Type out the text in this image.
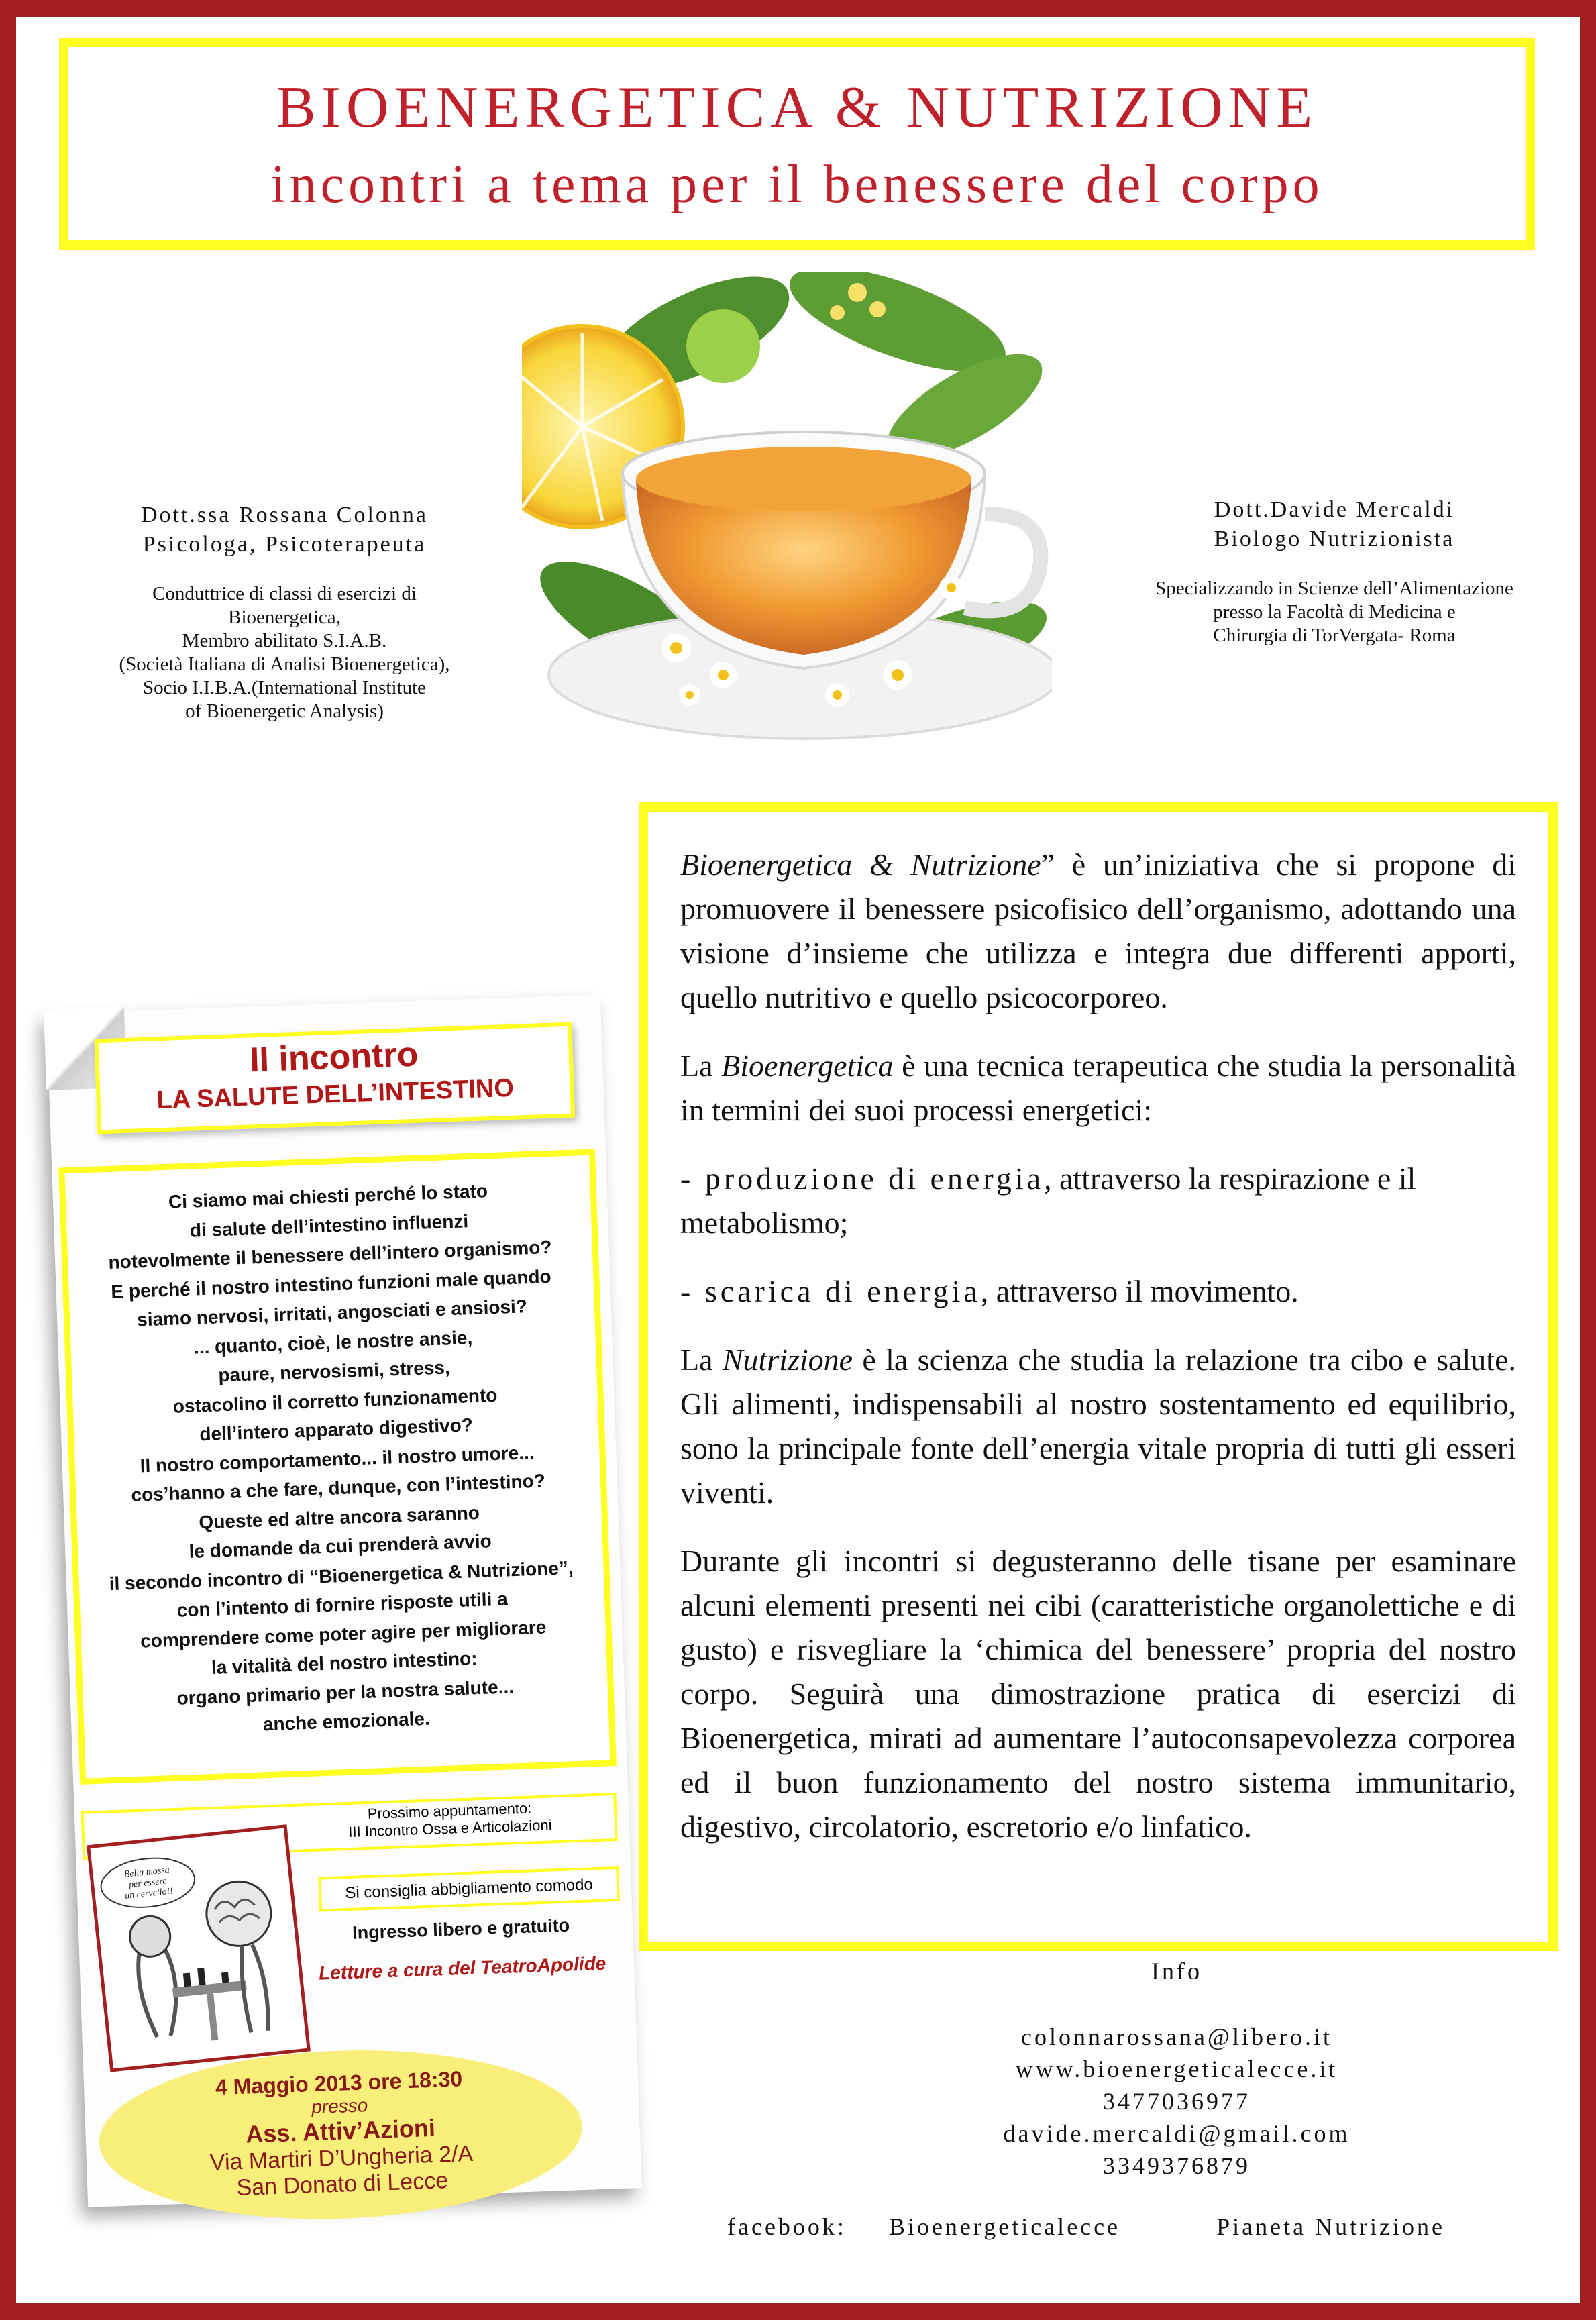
BIOENERGETICA & NUTRIZIONE
incontri a tema per il benessere del corpo
Dott.ssa Rossana Colonna
Psicologa, Psicoterapeuta
Conduttrice di classi di esercizi di
Bioenergetica,
Membro abilitato S.I.A.B.
(Società Italiana di Analisi Bioenergetica),
Socio I.I.B.A.(International Institute
of Bioenergetic Analysis)
Dott.Davide Mercaldi
Biologo Nutrizionista
Specializzando in Scienze dell’Alimentazione
presso la Facoltà di Medicina e
Chirurgia di TorVergata- Roma

Bioenergetica & Nutrizione” è un’iniziativa che si propone di promuovere il benessere psicofisico dell’organismo, adottando una visione d’insieme che utilizza e integra due differenti apporti, quello nutritivo e quello psicocorporeo.

La Bioenergetica è una tecnica terapeutica che studia la personalità in termini dei suoi processi energetici:

- produzione di energia, attraverso la respirazione e il metabolismo;

- scarica di energia, attraverso il movimento.

La Nutrizione è la scienza che studia la relazione tra cibo e salute. Gli alimenti, indispensabili al nostro sostentamento ed equilibrio, sono la principale fonte dell’energia vitale propria di tutti gli esseri viventi.

Durante gli incontri si degusteranno delle tisane per esaminare alcuni elementi presenti nei cibi (caratteristiche organolettiche e di gusto) e risvegliare la ‘chimica del benessere’ propria del nostro corpo. Seguirà una dimostrazione pratica di esercizi di Bioenergetica, mirati ad aumentare l’autoconsapevolezza corporea ed il buon funzionamento del nostro sistema immunitario, digestivo, circolatorio, escretorio e/o linfatico.

II incontro
LA SALUTE DELL’INTESTINO
Ci siamo mai chiesti perché lo stato
di salute dell’intestino influenzi
notevolmente il benessere dell’intero organismo?
E perché il nostro intestino funzioni male quando
siamo nervosi, irritati, angosciati e ansiosi?
... quanto, cioè, le nostre ansie,
paure, nervosismi, stress,
ostacolino il corretto funzionamento
dell’intero apparato digestivo?
Il nostro comportamento... il nostro umore...
cos’hanno a che fare, dunque, con l’intestino?
Queste ed altre ancora saranno
le domande da cui prenderà avvio
il secondo incontro di “Bioenergetica & Nutrizione”,
con l’intento di fornire risposte utili a
comprendere come poter agire per migliorare
la vitalità del nostro intestino:
organo primario per la nostra salute...
anche emozionale.
Prossimo appuntamento:
III Incontro Ossa e Articolazioni
Bella mossa
per essere
un cervello!!	Si consiglia abbigliamento comodo
Ingresso libero e gratuito
Letture a cura del TeatroApolide
4 Maggio 2013 ore 18:30
presso
Ass. Attiv’Azioni
Via Martiri D’Ungheria 2/A
San Donato di Lecce
Info
colonnarossana@libero.it
www.bioenergeticalecce.it
3477036977
davide.mercaldi@gmail.com
3349376879
facebook: Bioenergeticalecce	Pianeta Nutrizione
